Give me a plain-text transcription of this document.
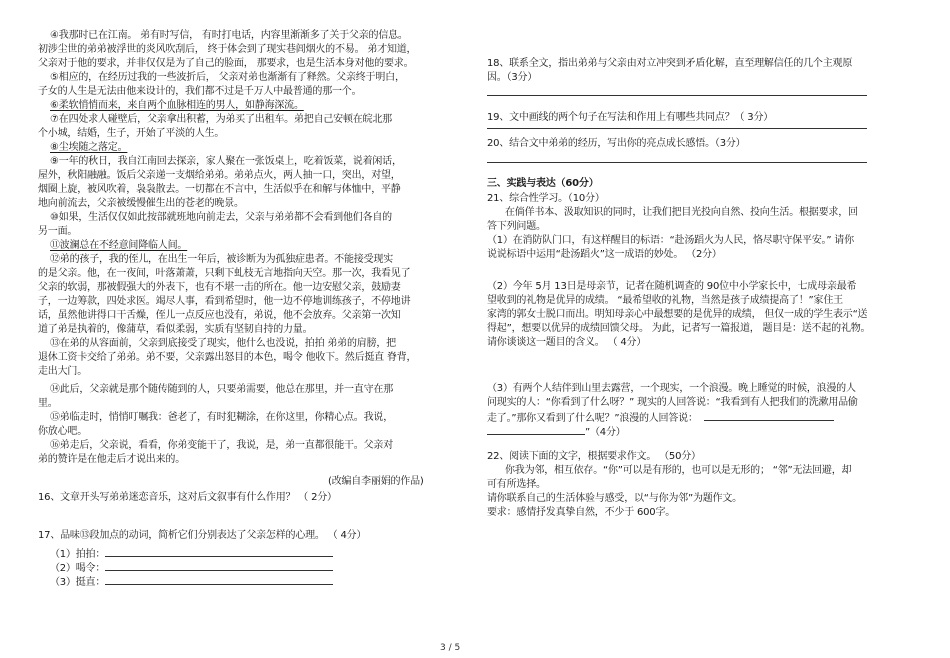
④我那时已在江南。 弟有时写信， 有时打电话，内容里渐渐多了关于父亲的信息。
初涉尘世的弟弟被浮世的炎风吹刮后， 终于体会到了现实巷闾烟火的不易。 弟才知道，
父亲对于他的要求，并非仅仅是为了自己的脸面， 那要求，也是生活本身对他的要求。
⑤相应的，在经历过我的一些波折后， 父亲对弟也渐渐有了释然。父亲终于明白，
子女的人生是无法由他来设计的，我们都不过是千万人中最普通的那一个。
⑥柔软悄悄而来，来自两个血脉相连的男人，如静海深流。
⑦在四处求人碰壁后，父亲拿出积蓄，为弟买了出租车。弟把自己安顿在皖北那
个小城，结婚，生子，开始了平淡的人生。
⑧尘埃随之落定。
⑨一年的秋日，我自江南回去探亲，家人聚在一张饭桌上，吃着饭菜，说着闲话，
屋外，秋阳融融。饭后父亲递一支烟给弟弟。弟弟点火，两人抽一口，突出，对望，
烟圈上旋，被风吹着，袅袅散去。一切都在不言中，生活似乎在和解与体恤中，平静
地向前流去，父亲被缓慢催生出的苍老的晚景。
⑩如果，生活仅仅如此按部就班地向前走去，父亲与弟弟都不会看到他们各自的
另一面。
⑪波澜总在不经意间降临人间。
⑫弟的孩子，我的侄儿，在出生一年后，被诊断为为孤独症患者。不能接受现实
的是父亲。他，在一夜间，叶落萧萧，只剩下虬枝无言地指向天空。那一次，我看见了
父亲的软弱，那被假强大的外表下，也有不堪一击的所在。他一边安慰父亲，鼓励妻
子，一边筹款，四处求医。竭尽人事，看到希望时，他一边不停地训练孩子，不停地讲
话，虽然他讲得口干舌燥，侄儿一点反应也没有，弟说，他不会放弃。父亲第一次知
道了弟是执着的，像蒲草，看似柔弱，实质有坚韧自持的力量。
⑬在弟的从容面前，父亲到底接受了现实，他什么也没说，拍拍 弟弟的肩膀，把
退休工资卡交给了弟弟。弟不要，父亲露出怒目的本色，喝令 他收下。然后挺直 脊背，
走出大门。
⑭此后，父亲就是那个随传随到的人，只要弟需要，他总在那里，并一直守在那
里。
⑮弟临走时，悄悄叮嘱我：爸老了，有时犯糊涂，在你这里，你精心点。我说，
你放心吧。
⑯弟走后，父亲说，看看，你弟变能干了，我说，是，弟一直都很能干。父亲对
弟的赞许是在他走后才说出来的。
(改编自李丽娟的作品)
16、文章开头写弟弟迷恋音乐，这对后文叙事有什么作用？ （ 2分）
17、品味⑬段加点的动词，简析它们分别表达了父亲怎样的心理。 （ 4分）
（1）拍拍：
（2）喝令：
（3）挺直：
18、联系全文，指出弟弟与父亲由对立冲突到矛盾化解，直至理解信任的几个主观原
因。（3分）
19、文中画线的两个句子在写法和作用上有哪些共同点？（ 3分）
20、结合文中弟弟的经历，写出你的亮点成长感悟。（3分）
三、实践与表达（60分）
21、综合性学习。（10分）
在倘佯书本、汲取知识的同时，让我们把目光投向自然、投向生活。根据要求，回
答下列问题。
（1）在消防队门口，有这样醒目的标语：“赴汤蹈火为人民，恪尽职守保平安。” 请你
说说标语中运用“赴汤蹈火”这一成语的妙处。 （2分）
（2）今年 5月 13日是母亲节，记者在随机调查的 90位中小学家长中，七成母亲最希
望收到的礼物是优异的成绩。 “最希望收的礼物，当然是孩子成绩提高了！”家住王
家湾的郭女士脱口而出。明知母亲心中最想要的是优异的成绩， 但仅一成的学生表示“送
得起”，想要以优异的成绩回馈父母。 为此，记者写一篇报道， 题目是：送不起的礼物。
请你谈谈这一题目的含义。 （ 4分）
（3）有两个人结伴到山里去露营，一个现实，一个浪漫。晚上睡觉的时候，浪漫的人
问现实的人：“你看到了什么呀？” 现实的人回答说：“我看到有人把我们的洗漱用品偷
走了。”那你又看到了什么呢？”浪漫的人回答说：
”（4分）
22、阅读下面的文字，根据要求作文。 （50分）
你我为邻，相互依存。“你”可以是有形的，也可以是无形的； “邻”无法回避，却
可有所选择。
请你联系自己的生活体验与感受，以“与你为邻”为题作文。
要求：感情抒发真挚自然，不少于 600字。
3 / 5
